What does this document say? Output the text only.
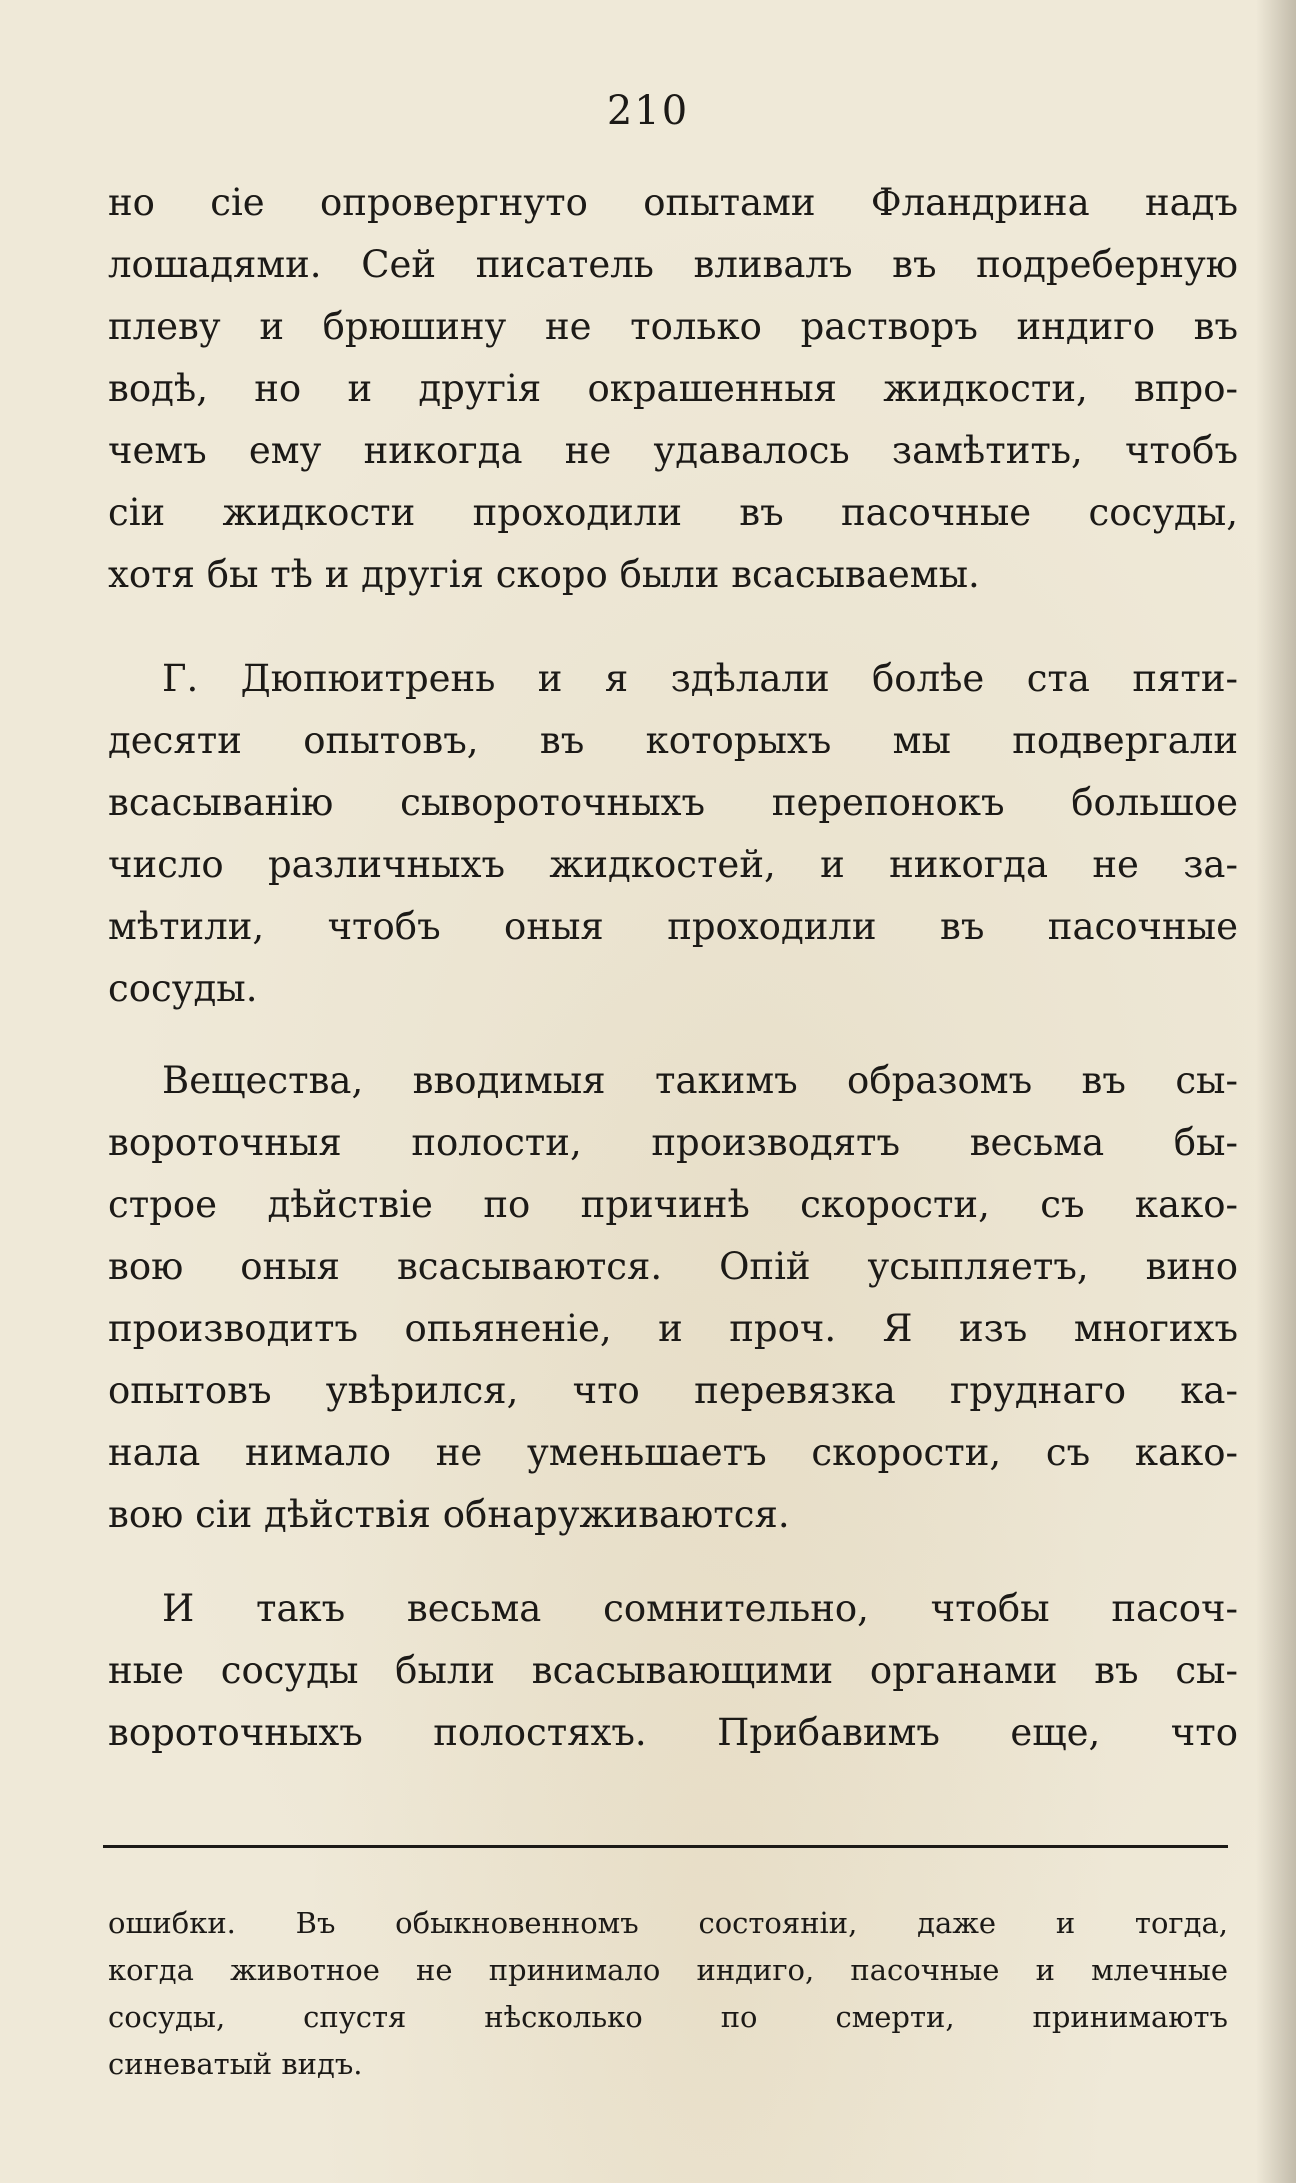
210
но сіе опровергнуто опытами Фландрина надъ
лошадями. Сей писатель вливалъ въ подреберную
плеву и брюшину не только растворъ индиго въ
водѣ, но и другія окрашенныя жидкости, впро-
чемъ ему никогда не удавалось замѣтить, чтобъ
сіи жидкости проходили въ пасочные сосуды,
хотя бы тѣ и другія скоро были всасываемы.
Г. Дюпюитрень и я здѣлали болѣе ста пяти-
десяти опытовъ, въ которыхъ мы подвергали
всасыванію сывороточныхъ перепонокъ большое
число различныхъ жидкостей, и никогда не за-
мѣтили, чтобъ оныя проходили въ пасочные
сосуды.
Вещества, вводимыя такимъ образомъ въ сы-
вороточныя полости, производятъ весьма бы-
строе дѣйствіе по причинѣ скорости, съ како-
вою оныя всасываются. Опій усыпляетъ, вино
производитъ опьяненіе, и проч. Я изъ многихъ
опытовъ увѣрился, что перевязка груднаго ка-
нала нимало не уменьшаетъ скорости, съ како-
вою сіи дѣйствія обнаруживаются.
И такъ весьма сомнительно, чтобы пасоч-
ные сосуды были всасывающими органами въ сы-
вороточныхъ полостяхъ. Прибавимъ еще, что
ошибки. Въ обыкновенномъ состояніи, даже и тогда,
когда животное не принимало индиго, пасочные и млечные
сосуды, спустя нѣсколько по смерти, принимаютъ
синеватый видъ.
